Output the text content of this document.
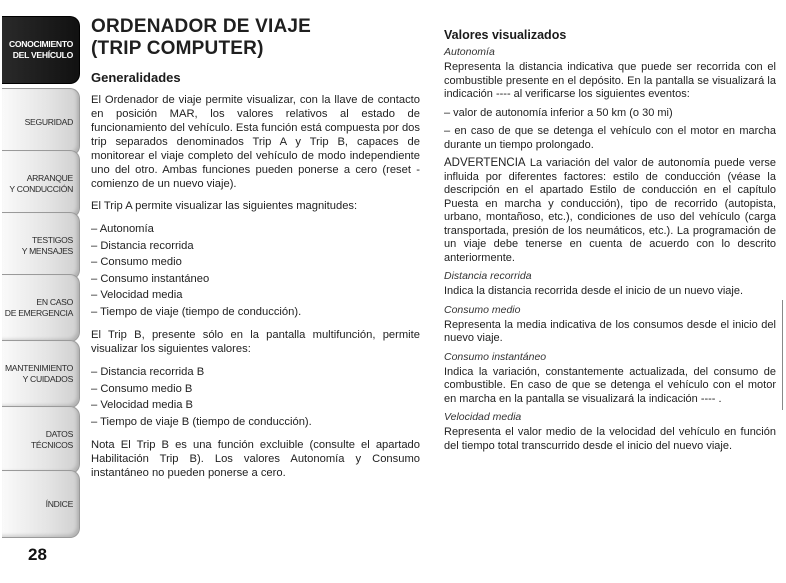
CONOCIMIENTO
DEL VEHÍCULO
SEGURIDAD
ARRANQUE
Y CONDUCCIÓN
TESTIGOS
Y MENSAJES
EN CASO
DE EMERGENCIA
MANTENIMIENTO
Y CUIDADOS
DATOS TÉCNICOS
ÍNDICE
28
ORDENADOR DE VIAJE
(TRIP COMPUTER)
Generalidades

El Ordenador de viaje permite visualizar, con la llave de contacto en posición MAR, los valores relativos al estado de funcionamiento del vehículo. Esta función está compuesta por dos trip separados denominados Trip A y Trip B, capaces de monitorear el viaje completo del vehículo de modo independiente uno del otro. Ambas funciones pueden ponerse a cero (reset - comienzo de un nuevo viaje).

El Trip A permite visualizar las siguientes magnitudes:

– Autonomía
– Distancia recorrida
– Consumo medio
– Consumo instantáneo
– Velocidad media
– Tiempo de viaje (tiempo de conducción).

El Trip B, presente sólo en la pantalla multifunción, permite visualizar los siguientes valores:

– Distancia recorrida B
– Consumo medio B
– Velocidad media B
– Tiempo de viaje B (tiempo de conducción).

Nota El Trip B es una función excluible (consulte el apartado Habilitación Trip B). Los valores Autonomía y Consumo instantáneo no pueden ponerse a cero.

Valores visualizados
Autonomía

Representa la distancia indicativa que puede ser recorrida con el combustible presente en el depósito. En la pantalla se visualizará la indicación ---- al verificarse los siguientes eventos:

– valor de autonomía inferior a 50 km (o 30 mi)

– en caso de que se detenga el vehículo con el motor en marcha durante un tiempo prolongado.

ADVERTENCIA La variación del valor de autonomía puede verse influida por diferentes factores: estilo de conducción (véase la descripción en el apartado Estilo de conducción en el capítulo Puesta en marcha y conducción), tipo de recorrido (autopista, urbano, montañoso, etc.), condiciones de uso del vehículo (carga transportada, presión de los neumáticos, etc.). La programación de un viaje debe tenerse en cuenta de acuerdo con lo descrito anteriormente.

Distancia recorrida

Indica la distancia recorrida desde el inicio de un nuevo viaje.

Consumo medio

Representa la media indicativa de los consumos desde el inicio del nuevo viaje.

Consumo instantáneo

Indica la variación, constantemente actualizada, del consumo de combustible. En caso de que se detenga el vehículo con el motor en marcha en la pantalla se visualizará la indicación ---- .

Velocidad media

Representa el valor medio de la velocidad del vehículo en función del tiempo total transcurrido desde el inicio del nuevo viaje.
